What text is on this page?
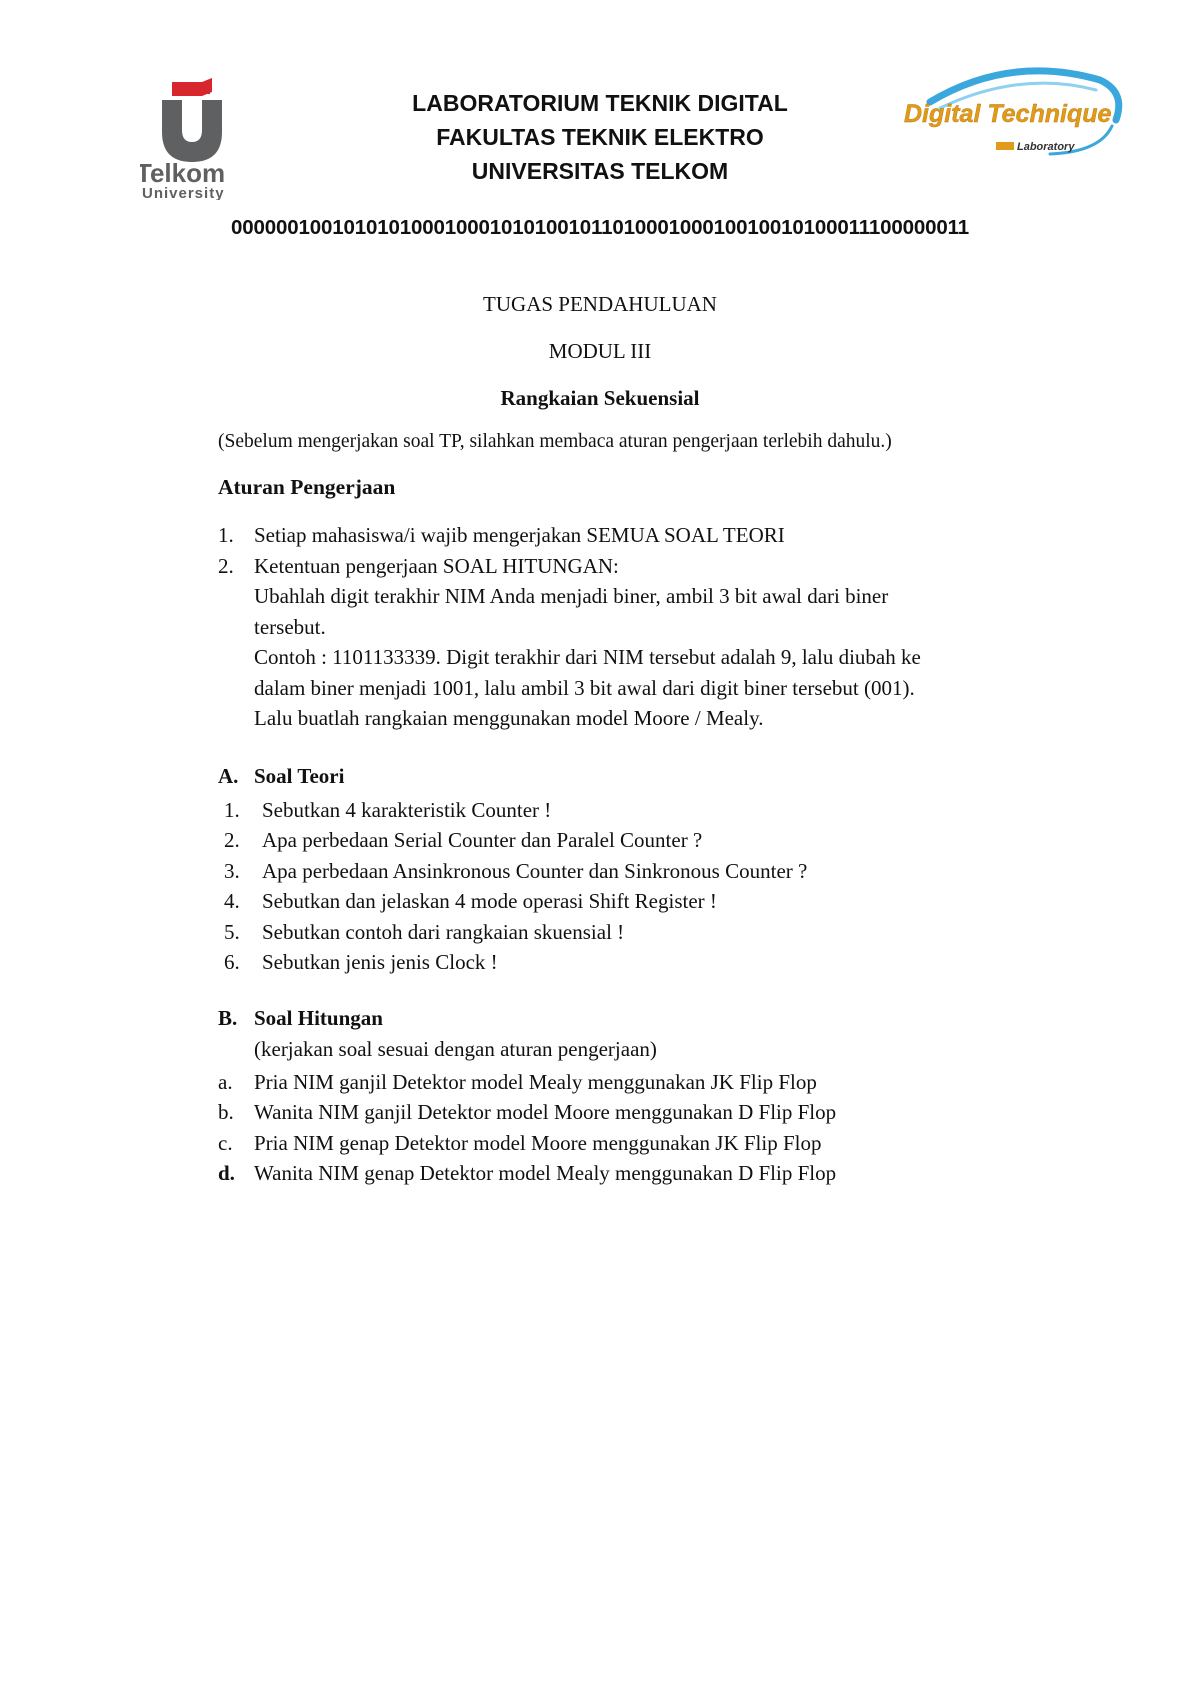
Telkom
University
LABORATORIUM TEKNIK DIGITAL
FAKULTAS TEKNIK ELEKTRO
UNIVERSITAS TELKOM
Digital Technique
Laboratory
000000100101010100010001010100101101000100010010010100011100000011
TUGAS PENDAHULUAN
MODUL III
Rangkaian Sekuensial
(Sebelum mengerjakan soal TP, silahkan membaca aturan pengerjaan terlebih dahulu.)
Aturan Pengerjaan
1. Setiap mahasiswa/i wajib mengerjakan SEMUA SOAL TEORI
2. Ketentuan pengerjaan SOAL HITUNGAN:
Ubahlah digit terakhir NIM Anda menjadi biner, ambil 3 bit awal dari biner
tersebut.
Contoh : 1101133339. Digit terakhir dari NIM tersebut adalah 9, lalu diubah ke
dalam biner menjadi 1001, lalu ambil 3 bit awal dari digit biner tersebut (001).
Lalu buatlah rangkaian menggunakan model Moore / Mealy.
A. Soal Teori
1.	Sebutkan 4 karakteristik Counter !
2.	Apa perbedaan Serial Counter dan Paralel Counter ?
3.	Apa perbedaan Ansinkronous Counter dan Sinkronous Counter ?
4.	Sebutkan dan jelaskan 4 mode operasi Shift Register !
5.	Sebutkan contoh dari rangkaian skuensial !
6.	Sebutkan jenis jenis Clock !
B. Soal Hitungan
(kerjakan soal sesuai dengan aturan pengerjaan)
a.	Pria NIM ganjil Detektor model Mealy menggunakan JK Flip Flop
b. Wanita NIM ganjil Detektor model Moore menggunakan D Flip Flop
c.	Pria NIM genap Detektor model Moore menggunakan JK Flip Flop
d. Wanita NIM genap Detektor model Mealy menggunakan D Flip Flop
